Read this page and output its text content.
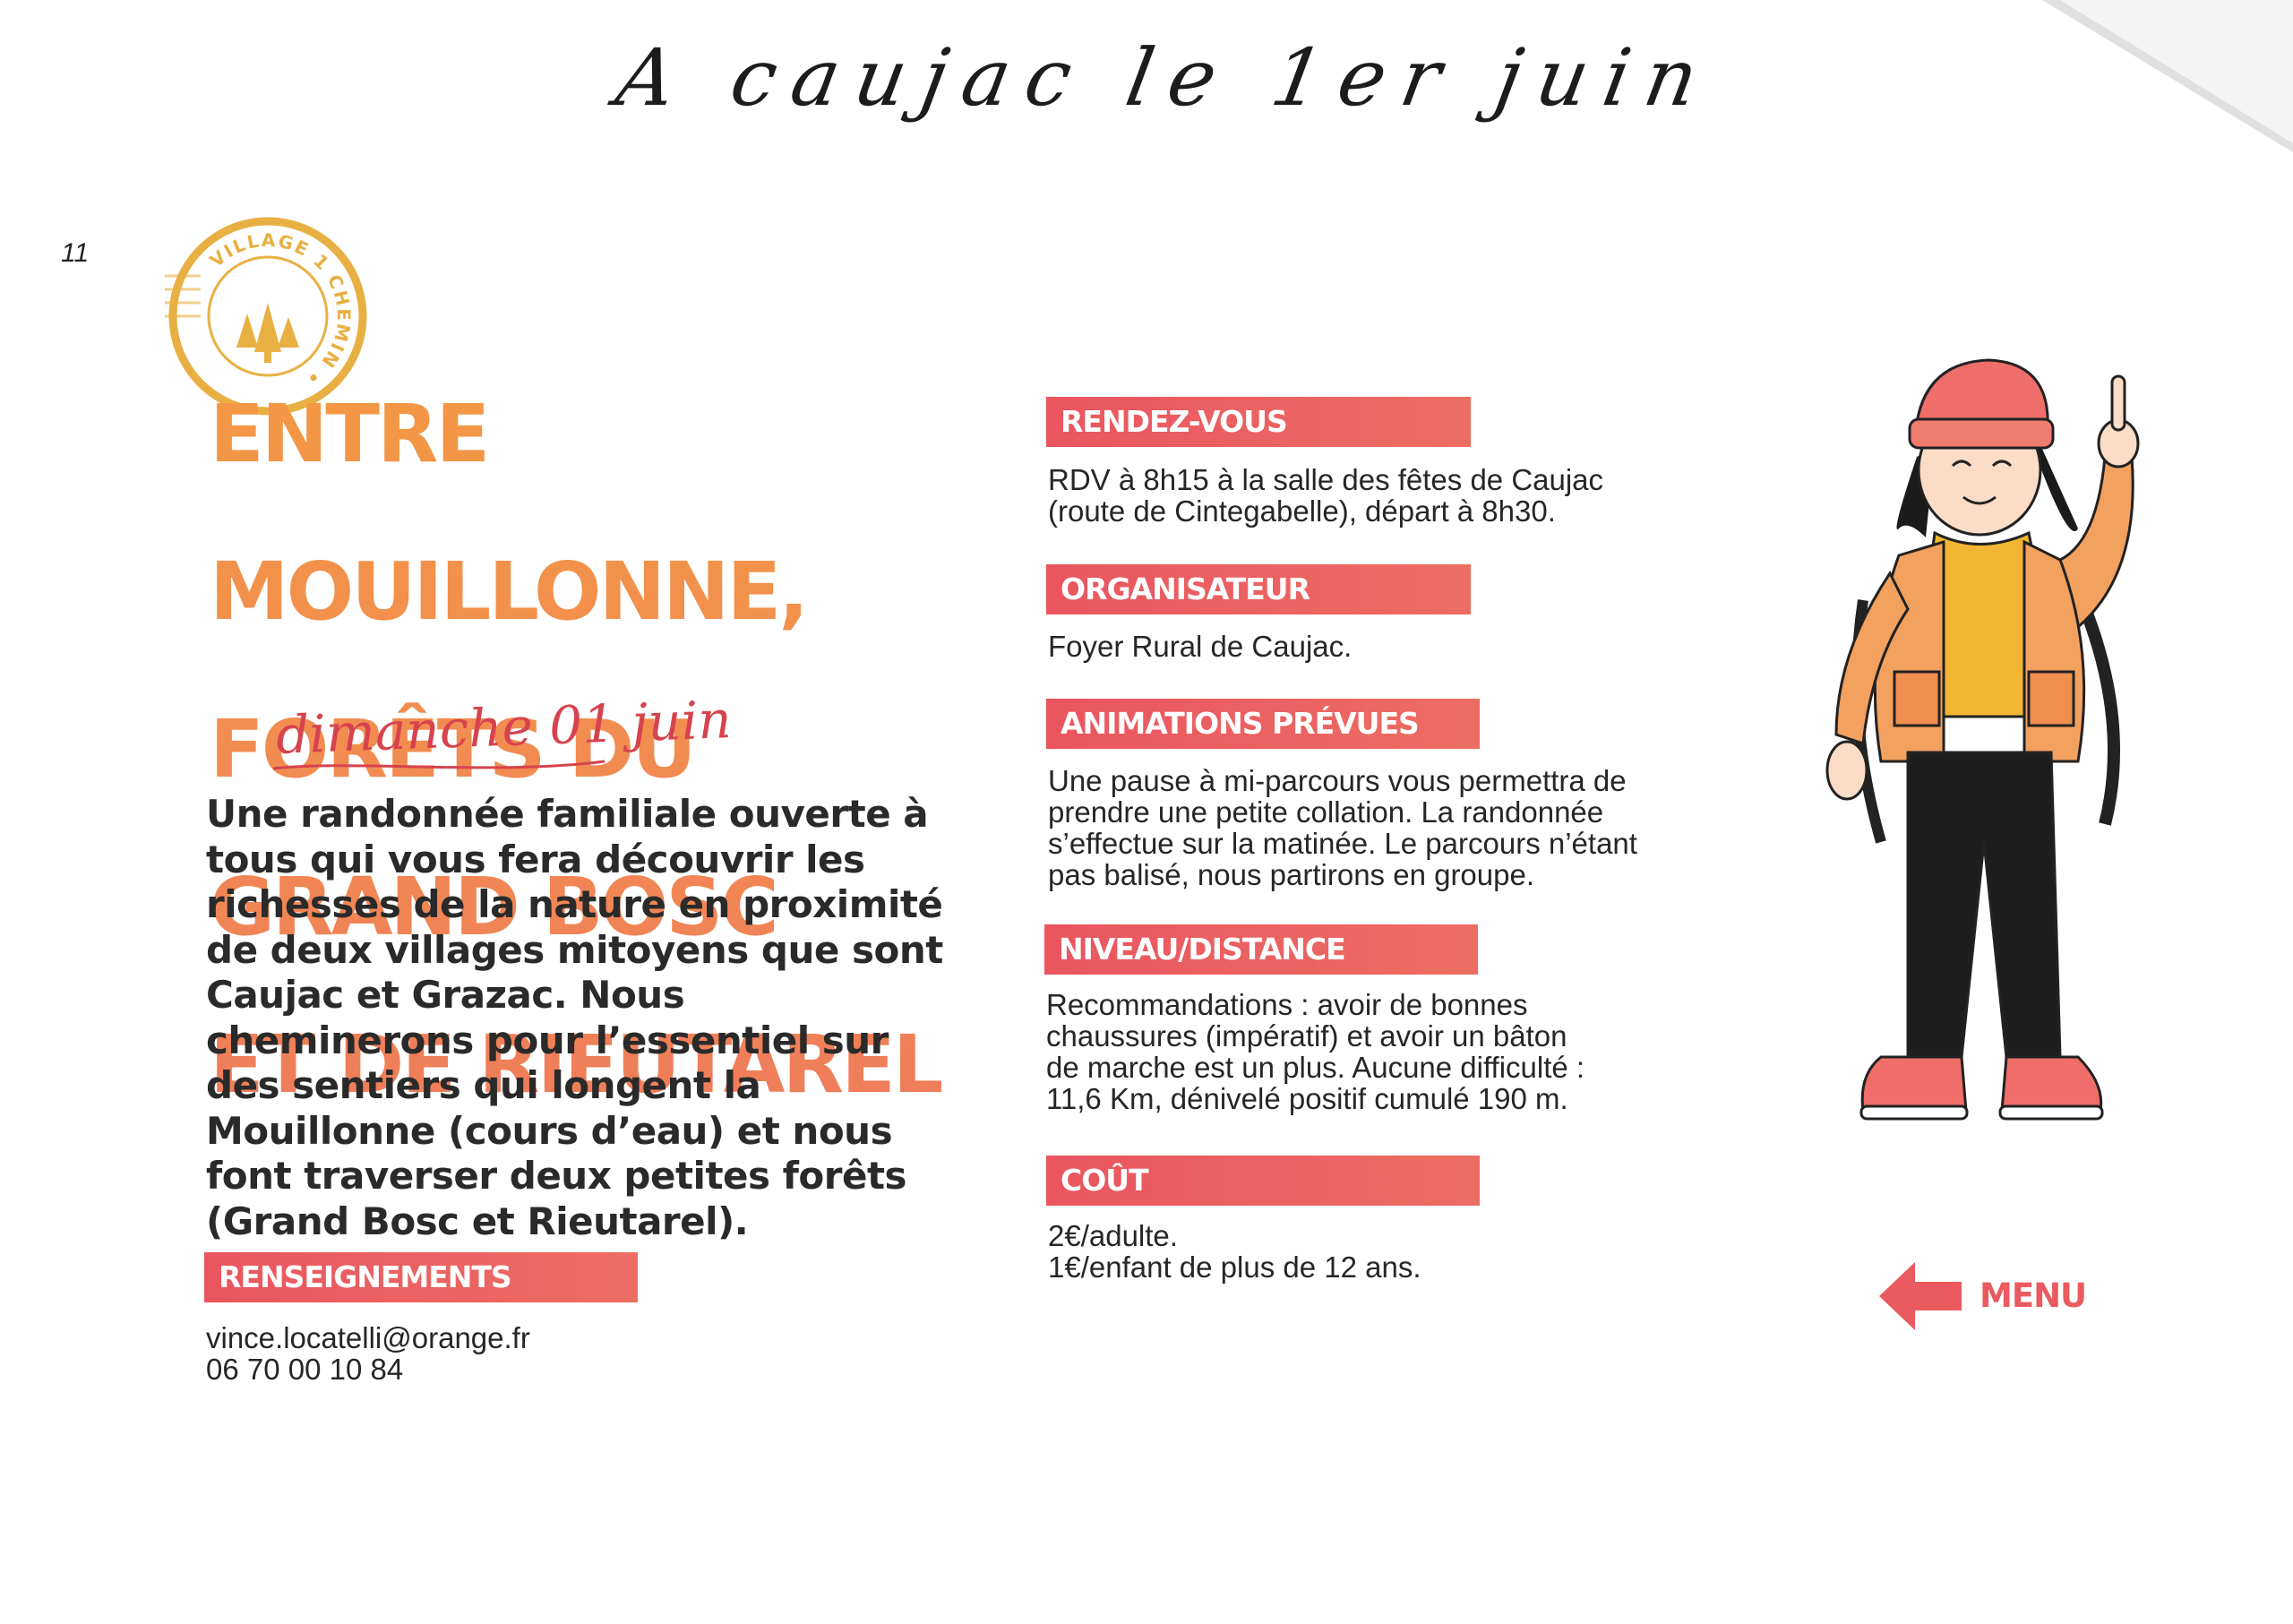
A caujac le 1er juin
11	VILLAGE 1 CH

ENTRE

MOUILLONNE,

FORÊTS DU

GRAND BOSC

ET DE RIEUTAREL

dimanche 01 juin

Une randonnée familiale ouverte à tous qui vous fera découvrir les richesses de la nature en proximité de deux villages mitoyens que sont Caujac et Grazac. Nous cheminerons pour l’essentiel sur des sentiers qui longent la Mouillonne (cours d’eau) et nous font traverser deux petites forêts (Grand Bosc et Rieutarel).

RENSEIGNEMENTS
vince.locatelli@orange.fr
06 70 00 10 84
RENDEZ-VOUS
RDV à 8h15 à la salle des fêtes de Caujac
(route de Cintegabelle), départ à 8h30.
ORGANISATEUR
Foyer Rural de Caujac.
ANIMATIONS PRÉVUES
Une pause à mi-parcours vous permettra de
prendre une petite collation. La randonnée
s’effectue sur la matinée. Le parcours n’étant
pas balisé, nous partirons en groupe.
NIVEAU/DISTANCE
Recommandations : avoir de bonnes
chaussures (impératif) et avoir un bâton
de marche est un plus. Aucune difficulté :
11,6 Km, dénivelé positif cumulé 190 m.
COÛT
2€/adulte.
1€/enfant de plus de 12 ans.
MENU
